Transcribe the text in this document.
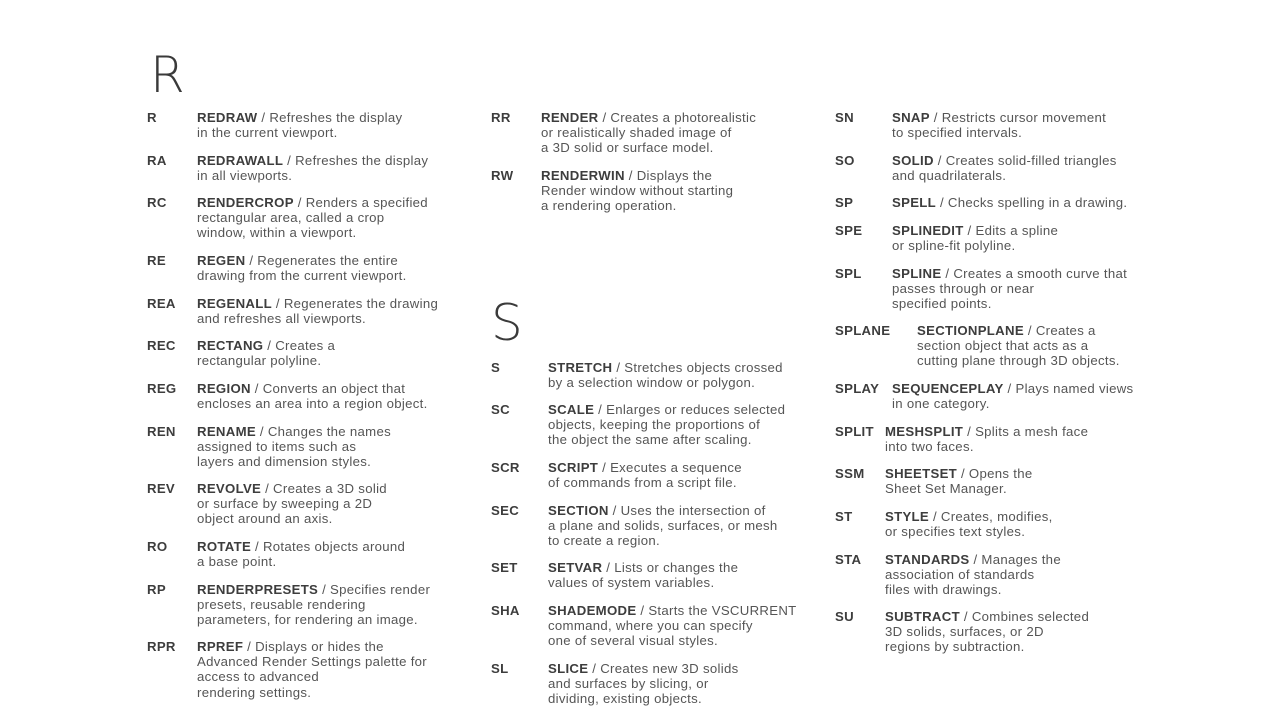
R
S
R	REDRAW / Refreshes the display
in the current viewport.
RA REDRAWALL / Refreshes the display
in all viewports.
RC RENDERCROP / Renders a specified
rectangular area, called a crop
window, within a viewport.
RE REGEN / Regenerates the entire
drawing from the current viewport.
REA REGENALL / Regenerates the drawing
and refreshes all viewports.
REC RECTANG / Creates a
rectangular polyline.
REG REGION / Converts an object that
encloses an area into a region object.
REN RENAME / Changes the names
assigned to items such as
layers and dimension styles.
REV REVOLVE / Creates a 3D solid
or surface by sweeping a 2D
object around an axis.
RO ROTATE / Rotates objects around
a base point.
RP RENDERPRESETS / Specifies render
presets, reusable rendering
parameters, for rendering an image.
RPR RPREF / Displays or hides the
Advanced Render Settings palette for
access to advanced
rendering settings.
RR RENDER / Creates a photorealistic
or realistically shaded image of
a 3D solid or surface model.
RW RENDERWIN / Displays the
Render window without starting
a rendering operation.
S	STRETCH / Stretches objects crossed
by a selection window or polygon.
SC	SCALE / Enlarges or reduces selected
objects, keeping the proportions of
the object the same after scaling.
SCR SCRIPT / Executes a sequence
of commands from a script file.
SEC SECTION / Uses the intersection of
a plane and solids, surfaces, or mesh
to create a region.
SET SETVAR / Lists or changes the
values of system variables.
SHA SHADEMODE / Starts the VSCURRENT
command, where you can specify
one of several visual styles.
SL	SLICE / Creates new 3D solids
and surfaces by slicing, or
dividing, existing objects.
SN	SNAP / Restricts cursor movement
to specified intervals.
SO	SOLID / Creates solid-filled triangles
and quadrilaterals.
SP	SPELL / Checks spelling in a drawing.
SPE SPLINEDIT / Edits a spline
or spline-fit polyline.
SPL SPLINE / Creates a smooth curve that
passes through or near
specified points.
SPLANE SECTIONPLANE / Creates a
section object that acts as a
cutting plane through 3D objects.
SPLAY SEQUENCEPLAY / Plays named views
in one category.
SPLIT MESHSPLIT / Splits a mesh face
into two faces.
SSM SHEETSET / Opens the
Sheet Set Manager.
ST STYLE / Creates, modifies,
or specifies text styles.
STA STANDARDS / Manages the
association of standards
files with drawings.
SU SUBTRACT / Combines selected
3D solids, surfaces, or 2D
regions by subtraction.
